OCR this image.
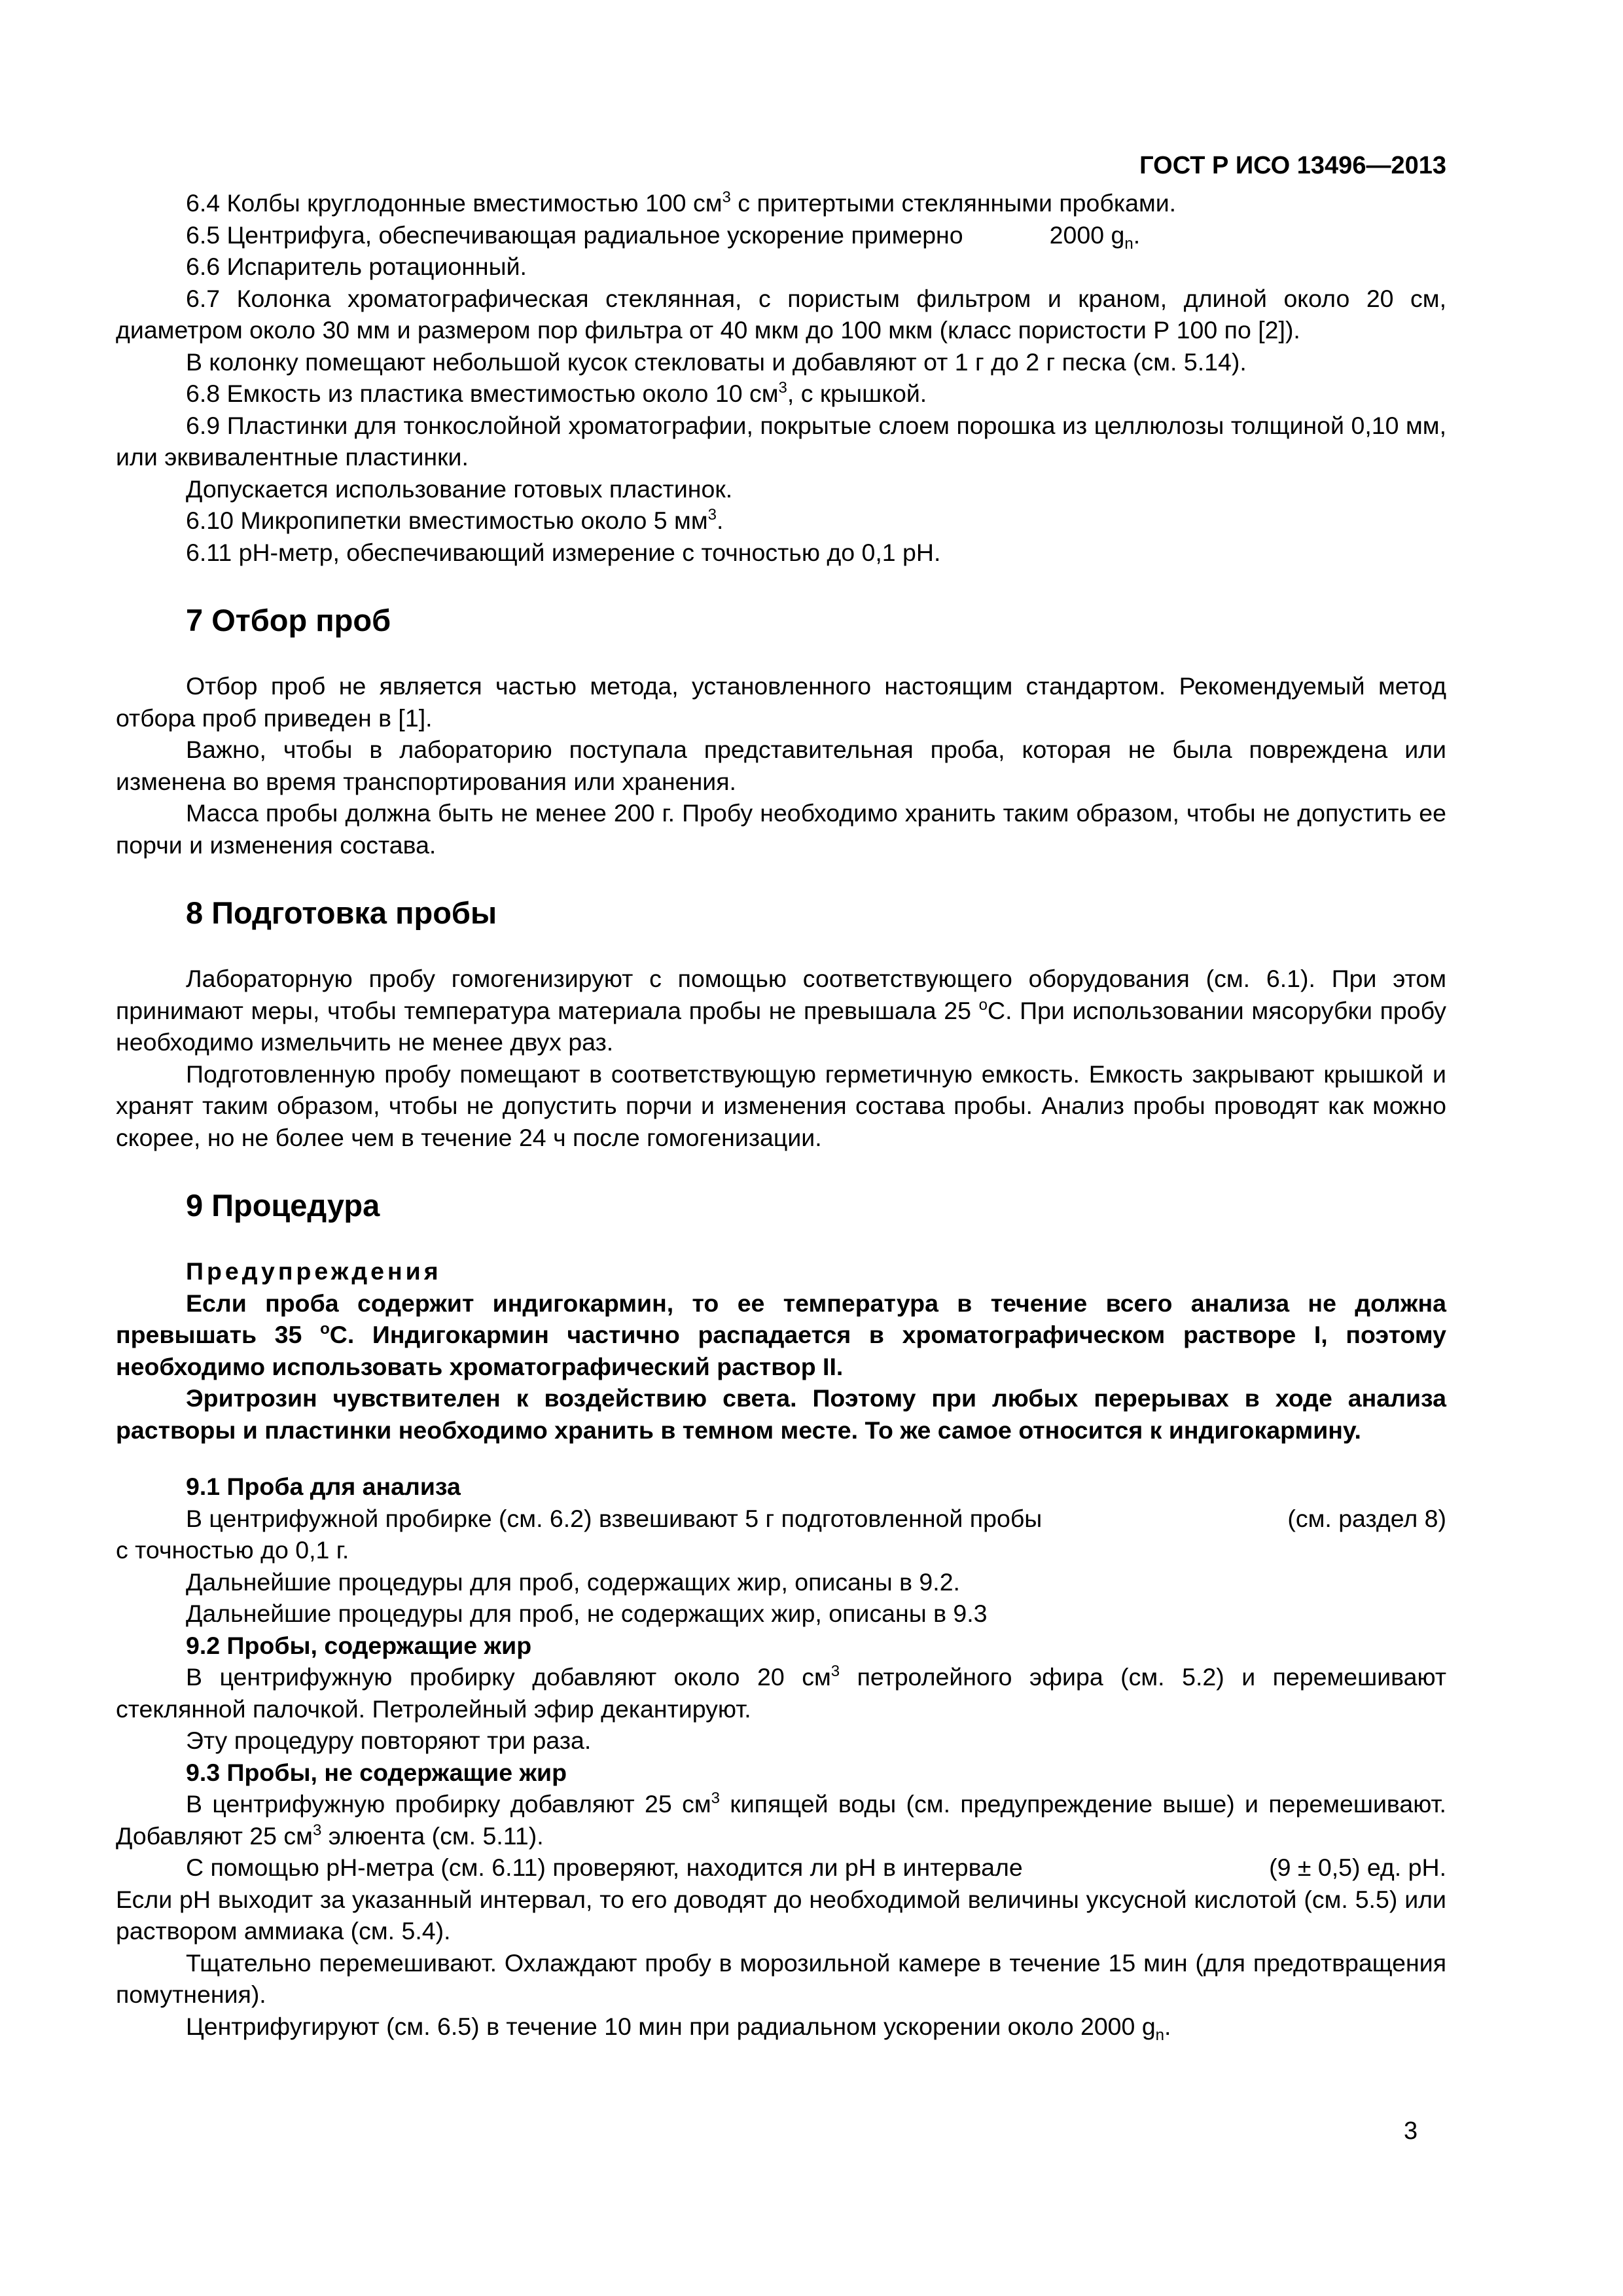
ГОСТ Р ИСО 13496—2013

6.4 Колбы круглодонные вместимостью 100 $см^3$ с притертыми стеклянными пробками.

6.5 Центрифуга, обеспечивающая радиальное ускорение примерно	2000 $g_n$.

6.6 Испаритель ротационный.

6.7 Колонка хроматографическая стеклянная, с пористым фильтром и краном, длиной около 20 см, диаметром около 30 мм и размером пор фильтра от 40 мкм до 100 мкм (класс пористости Р 100 по [2]).

В колонку помещают небольшой кусок стекловаты и добавляют от 1 г до 2 г песка (см. 5.14).

6.8 Емкость из пластика вместимостью около 10 $см^3$, с крышкой.

6.9 Пластинки для тонкослойной хроматографии, покрытые слоем порошка из целлюлозы толщиной 0,10 мм, или эквивалентные пластинки.

Допускается использование готовых пластинок.

6.10 Микропипетки вместимостью около 5 $мм^3$.

6.11 рН-метр, обеспечивающий измерение с точностью до 0,1 рН.

7 Отбор проб

Отбор проб не является частью метода, установленного настоящим стандартом. Рекомендуемый метод отбора проб приведен в [1].

Важно, чтобы в лабораторию поступала представительная проба, которая не была повреждена или изменена во время транспортирования или хранения.

Масса пробы должна быть не менее 200 г. Пробу необходимо хранить таким образом, чтобы не допустить ее порчи и изменения состава.

8 Подготовка пробы

Лабораторную пробу гомогенизируют с помощью соответствующего оборудования (см. 6.1). При этом принимают меры, чтобы температура материала пробы не превышала 25 $^о$С. При использовании мясорубки пробу необходимо измельчить не менее двух раз.

Подготовленную пробу помещают в соответствующую герметичную емкость. Емкость закрывают крышкой и хранят таким образом, чтобы не допустить порчи и изменения состава пробы. Анализ пробы проводят как можно скорее, но не более чем в течение 24 ч после гомогенизации.

9 Процедура

Предупреждения

Если проба содержит индигокармин, то ее температура в течение всего анализа не должна превышать 35 $^о$С. Индигокармин частично распадается в хроматографическом растворе I, поэтому необходимо использовать хроматографический раствор II.

Эритрозин чувствителен к воздействию света. Поэтому при любых перерывах в ходе анализа растворы и пластинки необходимо хранить в темном месте. То же самое относится к индигокармину.

9.1 Проба для анализа

В центрифужной пробирке (см. 6.2) взвешивают 5 г подготовленной пробы	(см. раздел 8)

с точностью до 0,1 г.

Дальнейшие процедуры для проб, содержащих жир, описаны в 9.2.

Дальнейшие процедуры для проб, не содержащих жир, описаны в 9.3

9.2 Пробы, содержащие жир

В центрифужную пробирку добавляют около 20 $см^3$ петролейного эфира (см. 5.2) и перемешивают стеклянной палочкой. Петролейный эфир декантируют.

Эту процедуру повторяют три раза.

9.3 Пробы, не содержащие жир

В центрифужную пробирку добавляют 25 $см^3$ кипящей воды (см. предупреждение выше) и перемешивают. Добавляют 25 $см^3$ элюента (см. 5.11).

С помощью рН-метра (см. 6.11) проверяют, находится ли рН в интервале	(9 ± 0,5) ед. рН.

Если рН выходит за указанный интервал, то его доводят до необходимой величины уксусной кислотой (см. 5.5) или раствором аммиака (см. 5.4).

Тщательно перемешивают. Охлаждают пробу в морозильной камере в течение 15 мин (для предотвращения помутнения).

Центрифугируют (см. 6.5) в течение 10 мин при радиальном ускорении около 2000 $g_n$.

3
